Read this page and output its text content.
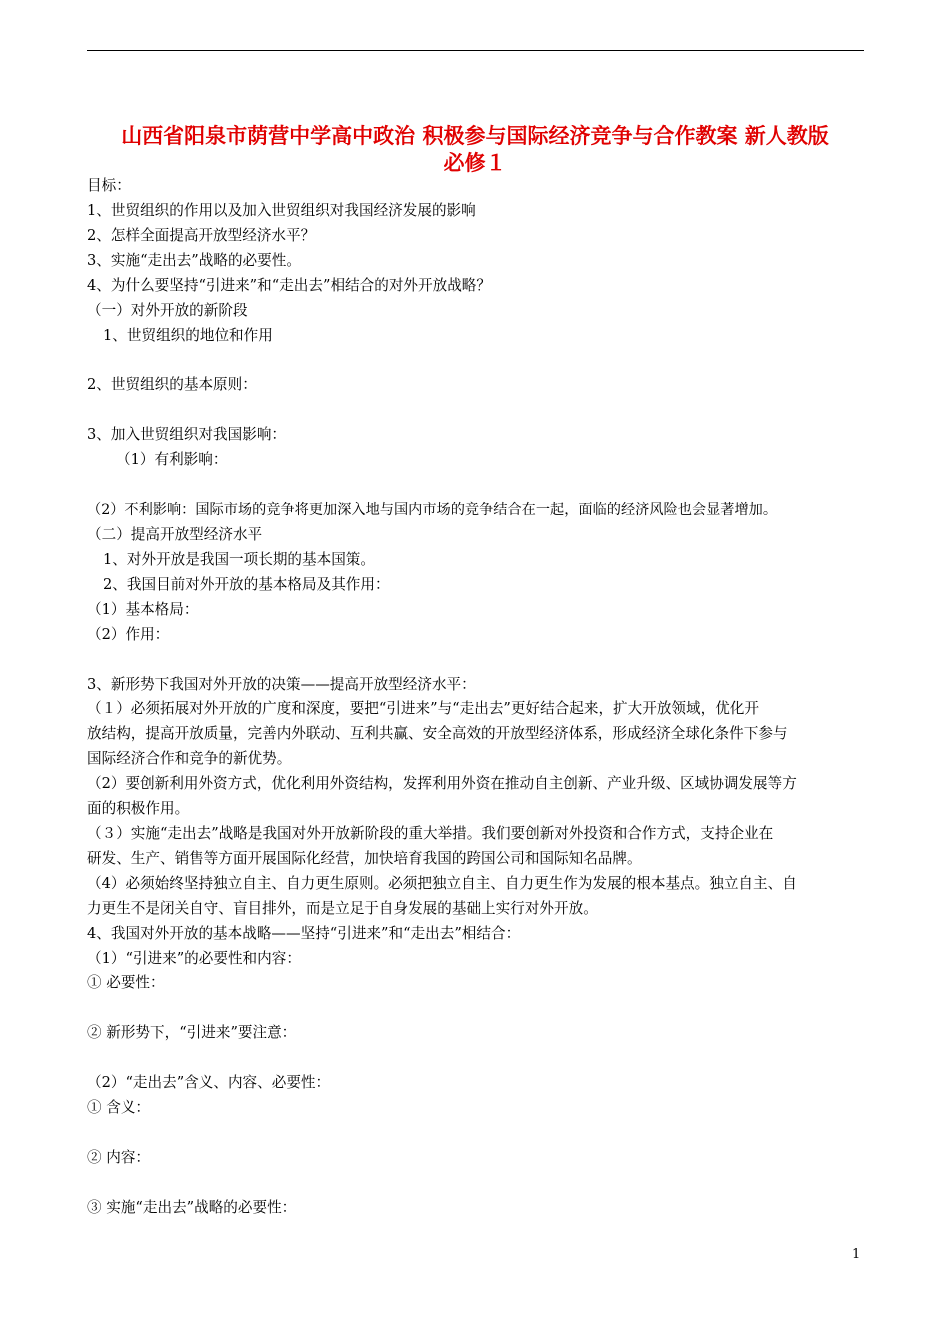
山西省阳泉市荫营中学高中政治 积极参与国际经济竞争与合作教案 新人教版
必修１
目标：
1、世贸组织的作用以及加入世贸组织对我国经济发展的影响
2、怎样全面提高开放型经济水平？
3、实施“走出去”战略的必要性。
4、为什么要坚持“引进来”和“走出去”相结合的对外开放战略？
（一）对外开放的新阶段
1、世贸组织的地位和作用
2、世贸组织的基本原则：
3、加入世贸组织对我国影响：
（1）有利影响：
（2）不利影响：国际市场的竞争将更加深入地与国内市场的竞争结合在一起，面临的经济风险也会显著增加。
（二）提高开放型经济水平
1、对外开放是我国一项长期的基本国策。
2、我国目前对外开放的基本格局及其作用：
（1）基本格局：
（2）作用：
3、新形势下我国对外开放的决策——提高开放型经济水平：
（１）必须拓展对外开放的广度和深度，要把“引进来”与“走出去”更好结合起来，扩大开放领域，优化开
放结构，提高开放质量，完善内外联动、互利共赢、安全高效的开放型经济体系，形成经济全球化条件下参与
国际经济合作和竞争的新优势。
（2）要创新利用外资方式，优化利用外资结构，发挥利用外资在推动自主创新、产业升级、区域协调发展等方
面的积极作用。
（３）实施“走出去”战略是我国对外开放新阶段的重大举措。我们要创新对外投资和合作方式，支持企业在
研发、生产、销售等方面开展国际化经营，加快培育我国的跨国公司和国际知名品牌。
（4）必须始终坚持独立自主、自力更生原则。必须把独立自主、自力更生作为发展的根本基点。独立自主、自
力更生不是闭关自守、盲目排外，而是立足于自身发展的基础上实行对外开放。
4、我国对外开放的基本战略——坚持“引进来”和“走出去”相结合：
（1）“引进来”的必要性和内容：
① 必要性：
② 新形势下，“引进来”要注意：
（2）“走出去”含义、内容、必要性：
① 含义：
② 内容：
③ 实施“走出去”战略的必要性：
1
